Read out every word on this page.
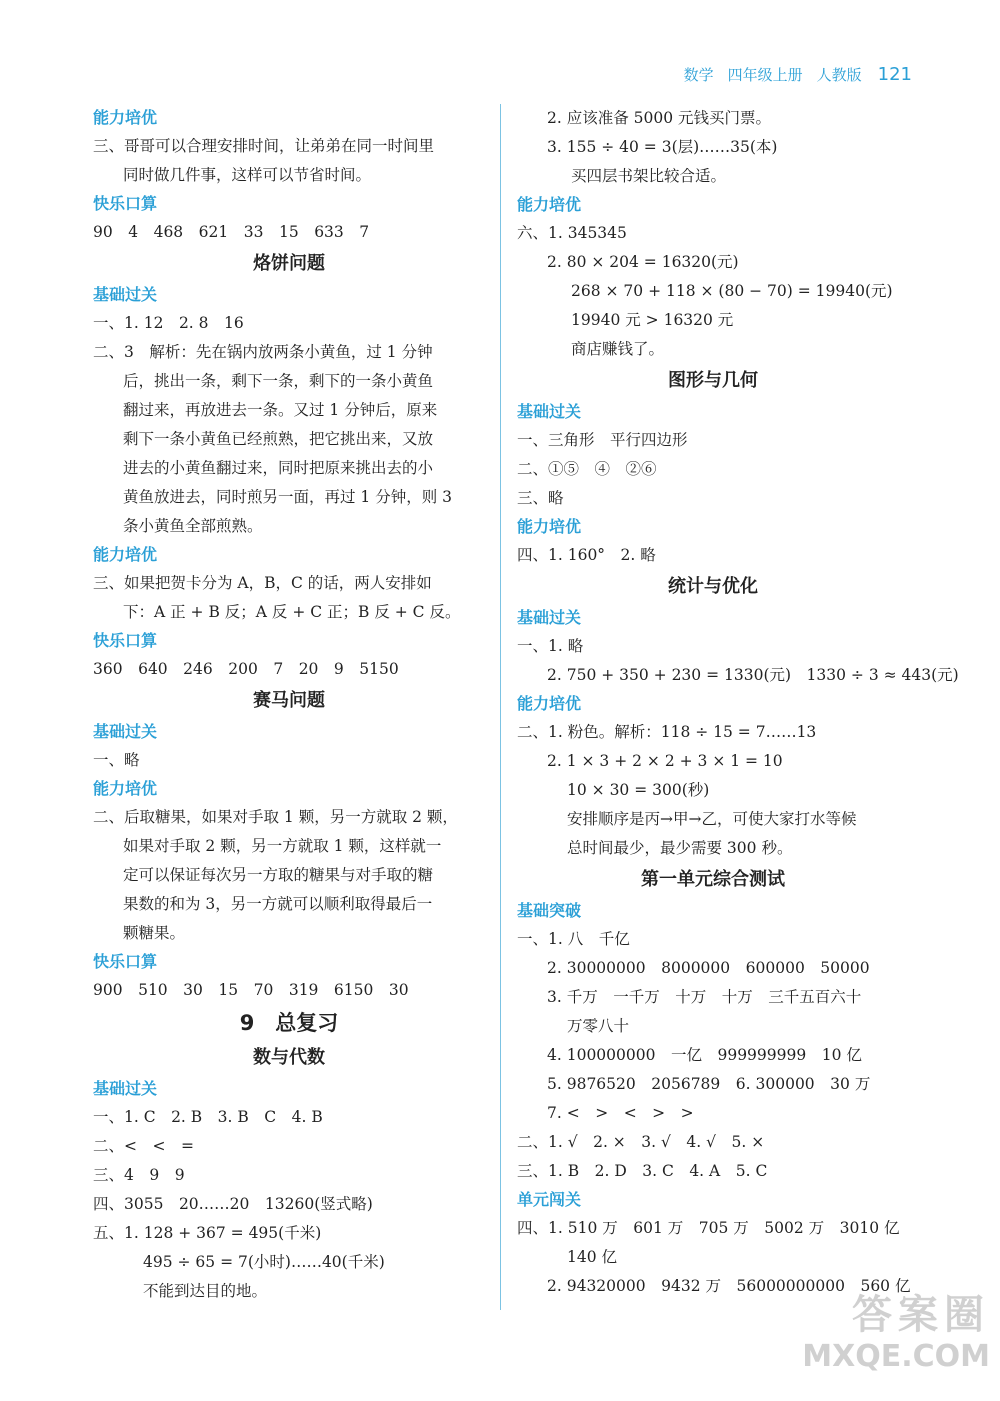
数学 四年级上册 人教版 121
能力培优
三、哥哥可以合理安排时间，让弟弟在同一时间里
同时做几件事，这样可以节省时间。
快乐口算
90　4　468　621　33　15　633　7
烙饼问题
基础过关
一、1. 12　2. 8　16
二、3　解析：先在锅内放两条小黄鱼，过 1 分钟
后，挑出一条，剩下一条，剩下的一条小黄鱼
翻过来，再放进去一条。又过 1 分钟后，原来
剩下一条小黄鱼已经煎熟，把它挑出来，又放
进去的小黄鱼翻过来，同时把原来挑出去的小
黄鱼放进去，同时煎另一面，再过 1 分钟，则 3
条小黄鱼全部煎熟。
能力培优
三、如果把贺卡分为 A，B，C 的话，两人安排如
下：A 正 + B 反；A 反 + C 正；B 反 + C 反。
快乐口算
360　640　246　200　7　20　9　5150
赛马问题
基础过关
一、略
能力培优
二、后取糖果，如果对手取 1 颗，另一方就取 2 颗，
如果对手取 2 颗，另一方就取 1 颗，这样就一
定可以保证每次另一方取的糖果与对手取的糖
果数的和为 3，另一方就可以顺利取得最后一
颗糖果。
快乐口算
900　510　30　15　70　319　6150　30
9　总复习
数与代数
基础过关
一、1. C　2. B　3. B　C　4. B
二、<　<　=
三、4　9　9
四、3055　20……20　13260(竖式略)
五、1. 128 + 367 = 495(千米)
495 ÷ 65 = 7(小时)……40(千米)
不能到达目的地。
2. 应该准备 5000 元钱买门票。
3. 155 ÷ 40 = 3(层)……35(本)
买四层书架比较合适。
能力培优
六、1. 345345
2. 80 × 204 = 16320(元)
268 × 70 + 118 × (80 − 70) = 19940(元)
19940 元 > 16320 元
商店赚钱了。
图形与几何
基础过关
一、三角形　平行四边形
二、①⑤　④　②⑥
三、略
能力培优
四、1. 160°　2. 略
统计与优化
基础过关
一、1. 略
2. 750 + 350 + 230 = 1330(元)　1330 ÷ 3 ≈ 443(元)
能力培优
二、1. 粉色。解析：118 ÷ 15 = 7……13
2. 1 × 3 + 2 × 2 + 3 × 1 = 10
10 × 30 = 300(秒)
安排顺序是丙→甲→乙，可使大家打水等候
总时间最少，最少需要 300 秒。
第一单元综合测试
基础突破
一、1. 八　千亿
2. 30000000　8000000　600000　50000
3. 千万　一千万　十万　十万　三千五百六十
万零八十
4. 100000000　一亿　999999999　10 亿
5. 9876520　2056789　6. 300000　30 万
7. <　>　<　>　>
二、1. √　2. ×　3. √　4. √　5. ×
三、1. B　2. D　3. C　4. A　5. C
单元闯关
四、1. 510 万　601 万　705 万　5002 万　3010 亿
140 亿
2. 94320000　9432 万　56000000000　560 亿
答案圈
MXQE.COM
